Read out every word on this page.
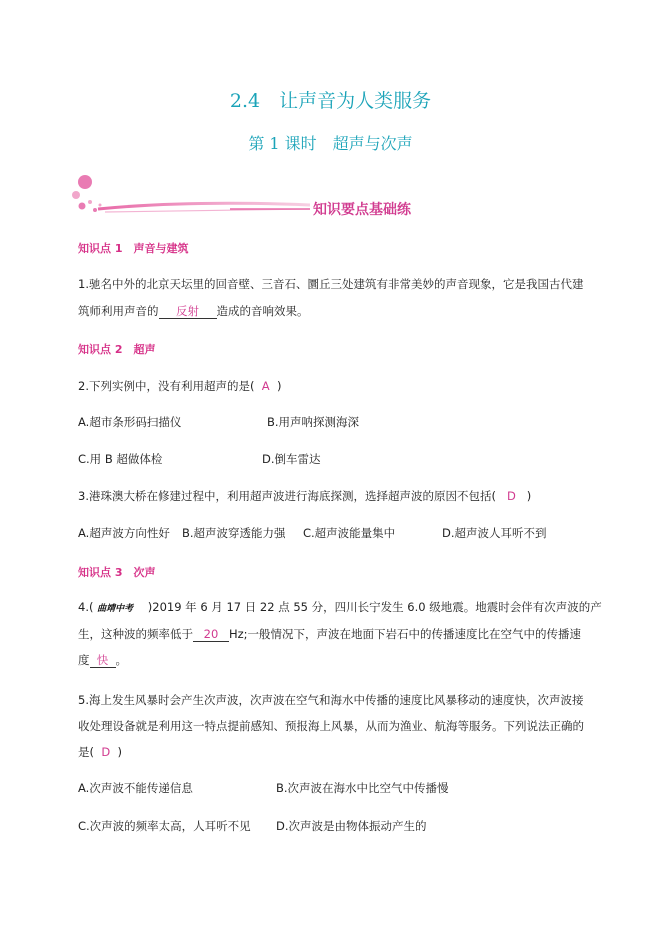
2.4　让声音为人类服务
第 1 课时　超声与次声
知识要点基础练
知识点 1　声音与建筑
1.驰名中外的北京天坛里的回音壁、三音石、圜丘三处建筑有非常美妙的声音现象，它是我国古代建
筑师利用声音的 反射 造成的音响效果。
知识点 2　超声
2.下列实例中，没有利用超声的是( A )
A.超市条形码扫描仪	B.用声呐探测海深
C.用 B 超做体检	D.倒车雷达
3.港珠澳大桥在修建过程中，利用超声波进行海底探测，选择超声波的原因不包括( D )
A.超声波方向性好 B.超声波穿透能力强 C.超声波能量集中	D.超声波人耳听不到
知识点 3　次声
4.( 曲靖中考 )2019 年 6 月 17 日 22 点 55 分，四川长宁发生 6.0 级地震。地震时会伴有次声波的产
生，这种波的频率低于 20 Hz;一般情况下，声波在地面下岩石中的传播速度比在空气中的传播速
度 快 。
5.海上发生风暴时会产生次声波，次声波在空气和海水中传播的速度比风暴移动的速度快，次声波接
收处理设备就是利用这一特点提前感知、预报海上风暴，从而为渔业、航海等服务。下列说法正确的
是( D )
A.次声波不能传递信息	B.次声波在海水中比空气中传播慢
C.次声波的频率太高，人耳听不见 D.次声波是由物体振动产生的
